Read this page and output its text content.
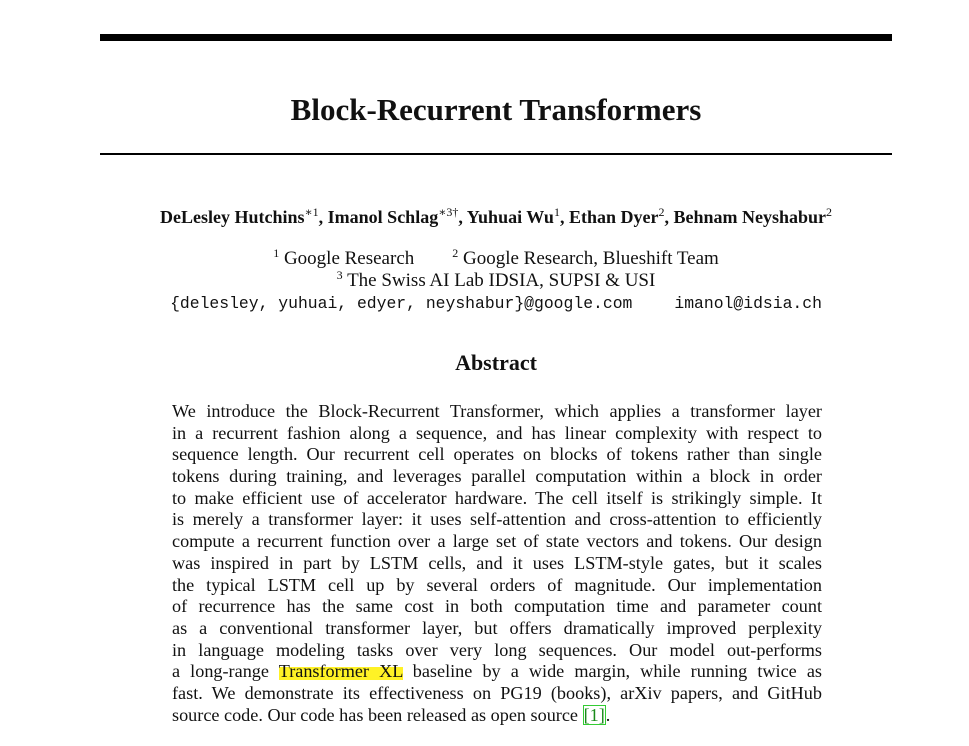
Block-Recurrent Transformers
DeLesley Hutchins$^{∗1}$, Imanol Schlag$^{∗3\dagger}$, Yuhuai Wu$^1$, Ethan Dyer$^2$, Behnam Neyshabur$^2$
$^1$ Google Research	$^2$ Google Research, Blueshift Team
$^3$ The Swiss AI Lab IDSIA, SUPSI & USI
{delesley, yuhuai, edyer, neyshabur}@google.com	imanol@idsia.ch
Abstract
We introduce the Block-Recurrent Transformer, which applies a transformer layer
in a recurrent fashion along a sequence, and has linear complexity with respect to
sequence length. Our recurrent cell operates on blocks of tokens rather than single
tokens during training, and leverages parallel computation within a block in order
to make efficient use of accelerator hardware. The cell itself is strikingly simple. It
is merely a transformer layer: it uses self-attention and cross-attention to efficiently
compute a recurrent function over a large set of state vectors and tokens. Our design
was inspired in part by LSTM cells, and it uses LSTM-style gates, but it scales
the typical LSTM cell up by several orders of magnitude. Our implementation
of recurrence has the same cost in both computation time and parameter count
as a conventional transformer layer, but offers dramatically improved perplexity
in language modeling tasks over very long sequences. Our model out-performs
a long-range Transformer XL baseline by a wide margin, while running twice as
fast. We demonstrate its effectiveness on PG19 (books), arXiv papers, and GitHub
source code. Our code has been released as open source [1].
